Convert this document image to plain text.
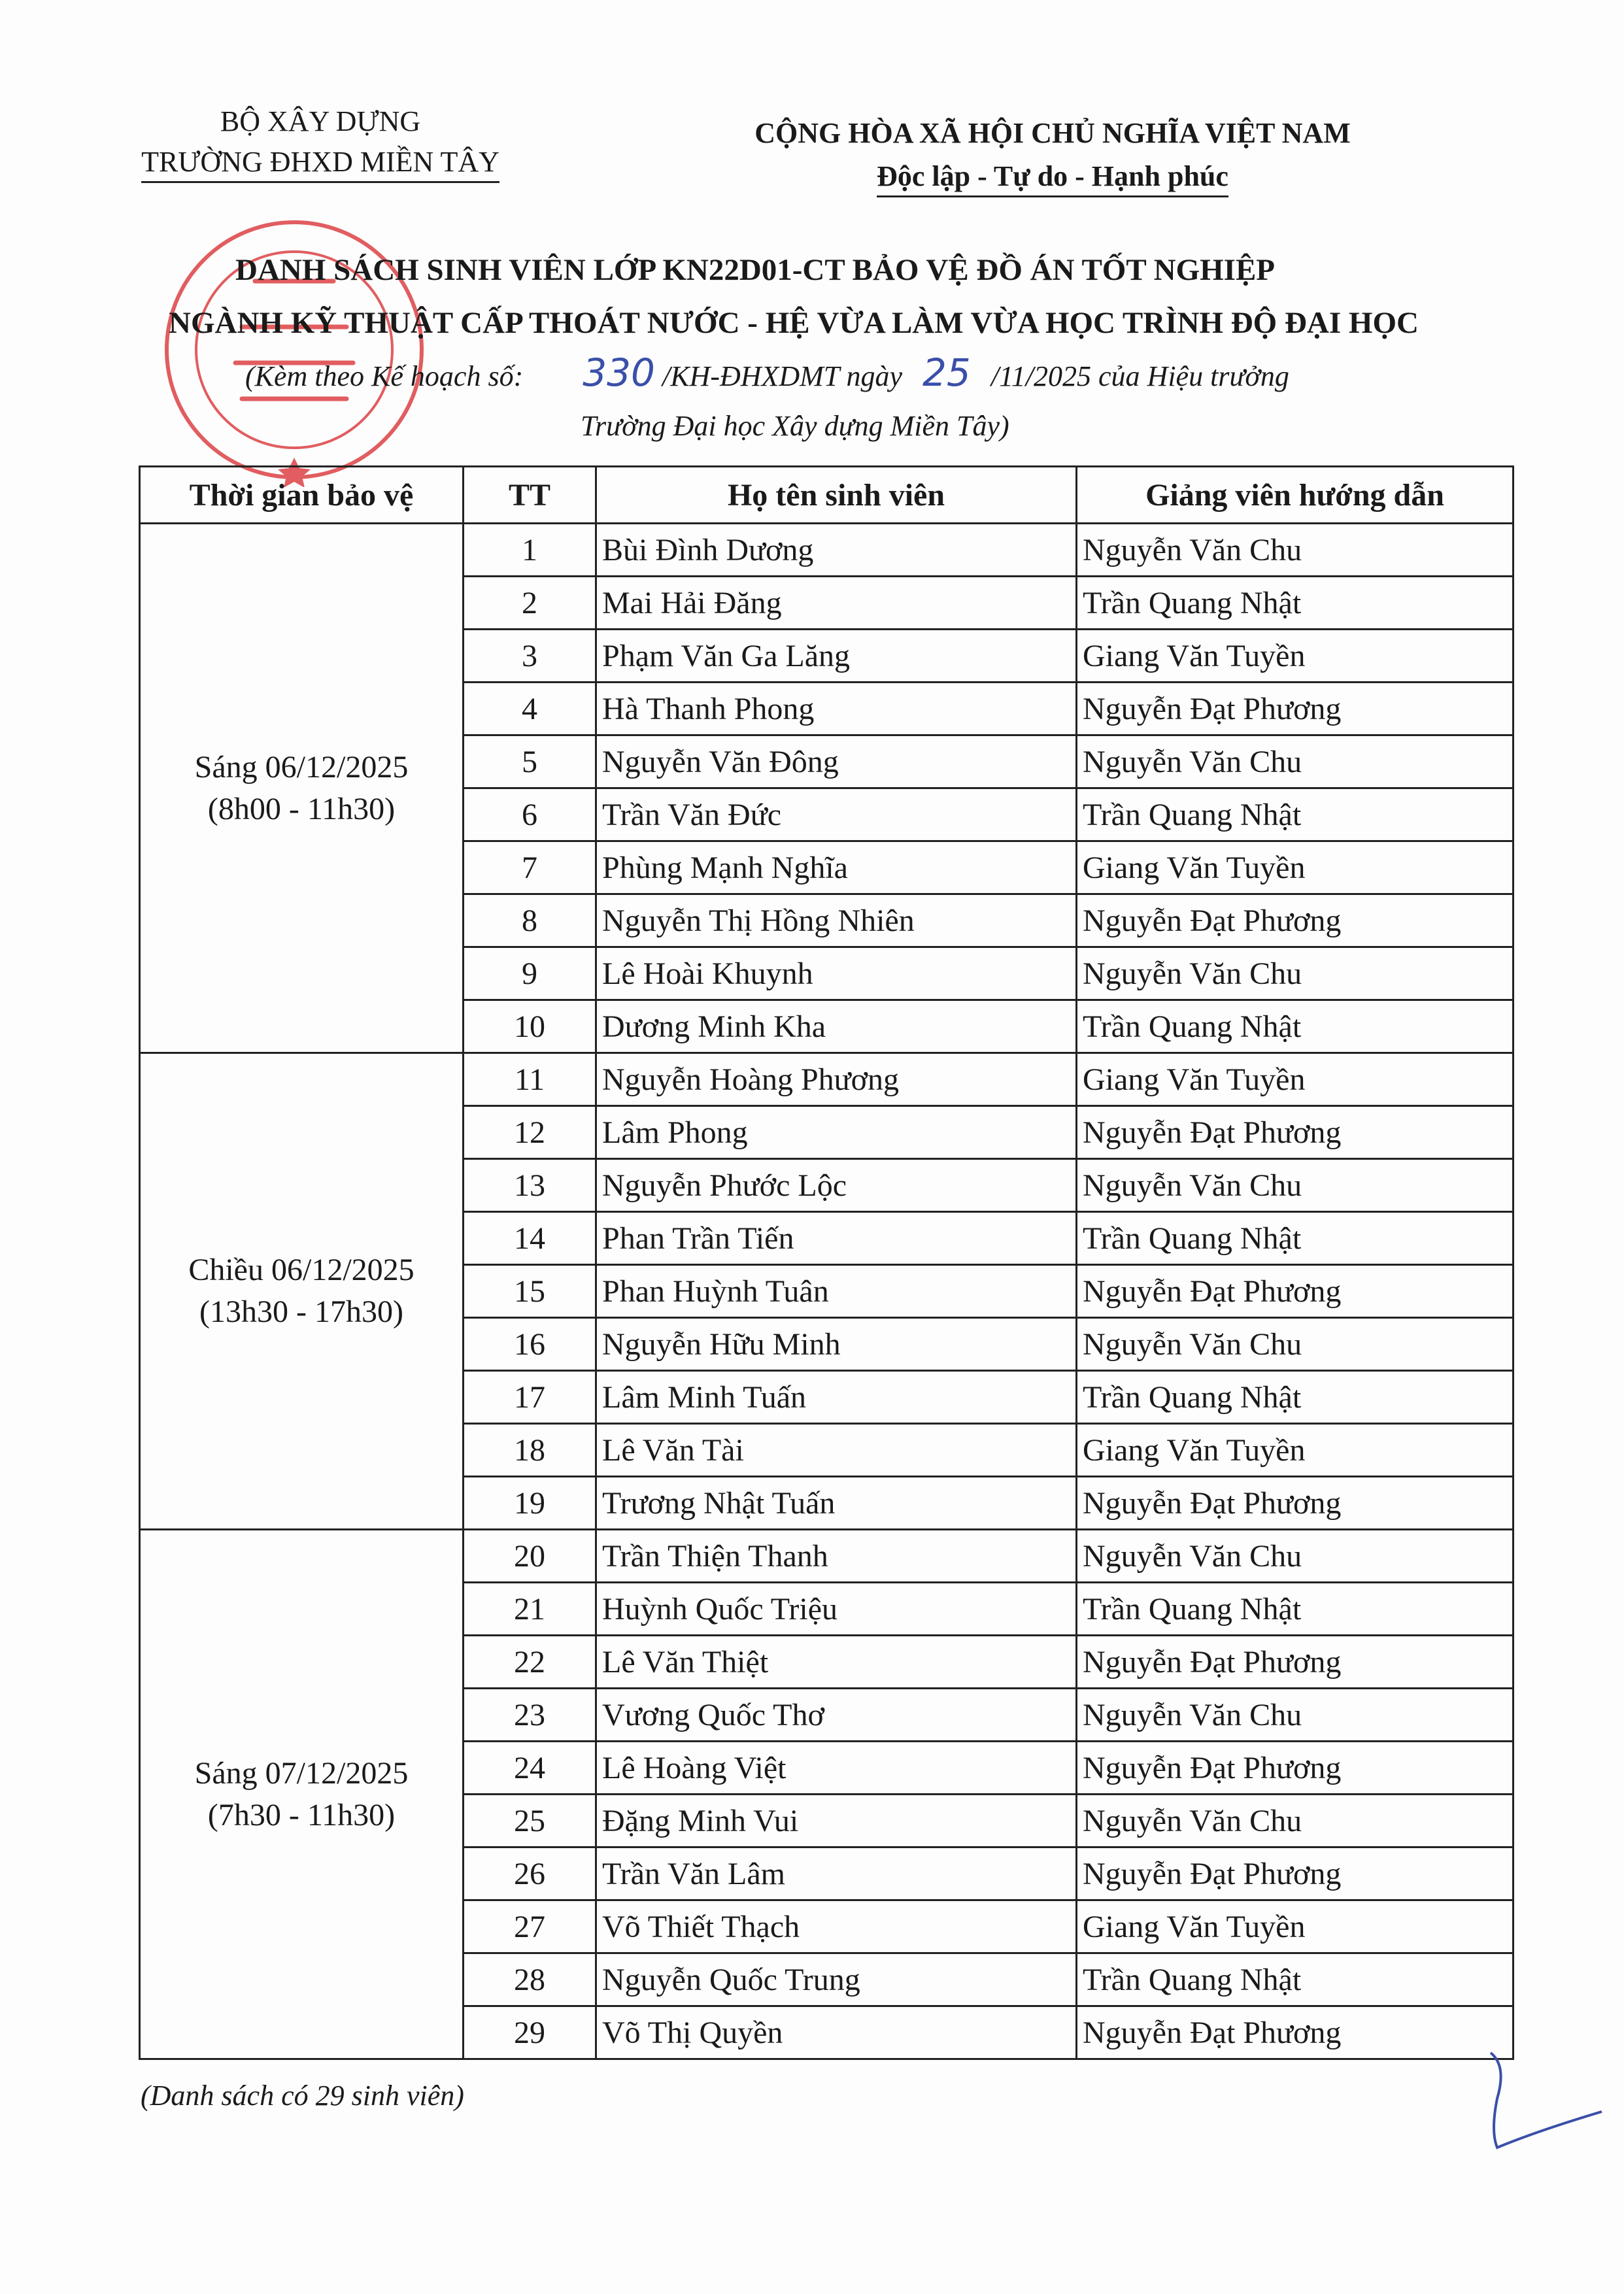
BỘ XÂY DỰNG
TRƯỜNG ĐHXD MIỀN TÂY
CỘNG HÒA XÃ HỘI CHỦ NGHĨA VIỆT NAM
Độc lập - Tự do - Hạnh phúc
DANH SÁCH SINH VIÊN LỚP KN22D01-CT BẢO VỆ ĐỒ ÁN TỐT NGHIỆP
NGÀNH KỸ THUẬT CẤP THOÁT NƯỚC - HỆ VỪA LÀM VỪA HỌC TRÌNH ĐỘ ĐẠI HỌC
(Kèm theo Kế hoạch số: 330 /KH-ĐHXDMT ngày 25 /11/2025 của Hiệu trưởng
Trường Đại học Xây dựng Miền Tây)
Thời gian bảo vệ	TT	Họ tên sinh viên	Giảng viên hướng dẫn

Sáng 06/12/2025
(8h00 - 11h30)	1	Bùi Đình Dương	Nguyễn Văn Chu
	2	Mai Hải Đăng	Trần Quang Nhật
	3	Phạm Văn Ga Lăng	Giang Văn Tuyền
	4	Hà Thanh Phong	Nguyễn Đạt Phương
	5	Nguyễn Văn Đông	Nguyễn Văn Chu
	6	Trần Văn Đức	Trần Quang Nhật
	7	Phùng Mạnh Nghĩa	Giang Văn Tuyền
	8	Nguyễn Thị Hồng Nhiên	Nguyễn Đạt Phương
	9	Lê Hoài Khuynh	Nguyễn Văn Chu
	10	Dương Minh Kha	Trần Quang Nhật

Chiều 06/12/2025
(13h30 - 17h30)	11	Nguyễn Hoàng Phương	Giang Văn Tuyền
	12	Lâm Phong	Nguyễn Đạt Phương
	13	Nguyễn Phước Lộc	Nguyễn Văn Chu
	14	Phan Trần Tiến	Trần Quang Nhật
	15	Phan Huỳnh Tuân	Nguyễn Đạt Phương
	16	Nguyễn Hữu Minh	Nguyễn Văn Chu
	17	Lâm Minh Tuấn	Trần Quang Nhật
	18	Lê Văn Tài	Giang Văn Tuyền
	19	Trương Nhật Tuấn	Nguyễn Đạt Phương

Sáng 07/12/2025
(7h30 - 11h30)	20	Trần Thiện Thanh	Nguyễn Văn Chu
	21	Huỳnh Quốc Triệu	Trần Quang Nhật
	22	Lê Văn Thiệt	Nguyễn Đạt Phương
	23	Vương Quốc Thơ	Nguyễn Văn Chu
	24	Lê Hoàng Việt	Nguyễn Đạt Phương
	25	Đặng Minh Vui	Nguyễn Văn Chu
	26	Trần Văn Lâm	Nguyễn Đạt Phương
	27	Võ Thiết Thạch	Giang Văn Tuyền
	28	Nguyễn Quốc Trung	Trần Quang Nhật
	29	Võ Thị Quyền	Nguyễn Đạt Phương
(Danh sách có 29 sinh viên)
